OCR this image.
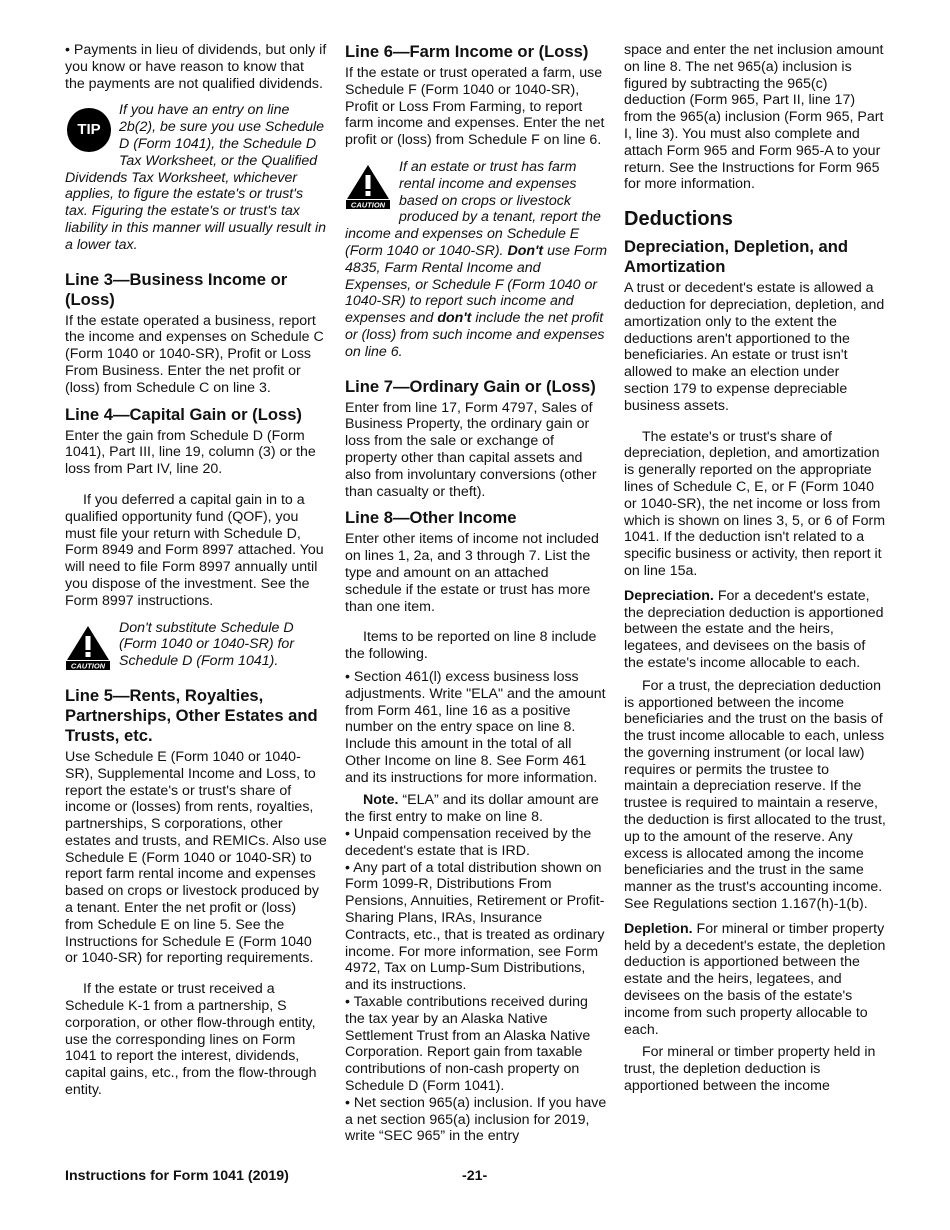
• Payments in lieu of dividends, but only if you know or have reason to know that the payments are not qualified dividends.

TIP
If you have an entry on line 2b(2), be sure you use Schedule D (Form 1041), the Schedule D Tax Worksheet, or the Qualified Dividends Tax Worksheet, whichever applies, to figure the estate's or trust's tax. Figuring the estate's or trust's tax liability in this manner will usually result in a lower tax.
Line 3—Business Income or (Loss)

If the estate operated a business, report the income and expenses on Schedule C (Form 1040 or 1040-SR), Profit or Loss From Business. Enter the net profit or (loss) from Schedule C on line 3.

Line 4—Capital Gain or (Loss)

Enter the gain from Schedule D (Form 1041), Part III, line 19, column (3) or the loss from Part IV, line 20.

If you deferred a capital gain in to a qualified opportunity fund (QOF), you must file your return with Schedule D, Form 8949 and Form 8997 attached. You will need to file Form 8997 annually until you dispose of the investment. See the Form 8997 instructions.

CAUTION
Don't substitute Schedule D (Form 1040 or 1040-SR) for Schedule D (Form 1041).
Line 5—Rents, Royalties, Partnerships, Other Estates and Trusts, etc.

Use Schedule E (Form 1040 or 1040-SR), Supplemental Income and Loss, to report the estate's or trust's share of income or (losses) from rents, royalties, partnerships, S corporations, other estates and trusts, and REMICs. Also use Schedule E (Form 1040 or 1040-SR) to report farm rental income and expenses based on crops or livestock produced by a tenant. Enter the net profit or (loss) from Schedule E on line 5. See the Instructions for Schedule E (Form 1040 or 1040-SR) for reporting requirements.

If the estate or trust received a Schedule K-1 from a partnership, S corporation, or other flow-through entity, use the corresponding lines on Form 1041 to report the interest, dividends, capital gains, etc., from the flow-through entity.

Line 6—Farm Income or (Loss)

If the estate or trust operated a farm, use Schedule F (Form 1040 or 1040-SR), Profit or Loss From Farming, to report farm income and expenses. Enter the net profit or (loss) from Schedule F on line 6.

CAUTION
If an estate or trust has farm rental income and expenses based on crops or livestock produced by a tenant, report the income and expenses on Schedule E (Form 1040 or 1040-SR). Don't use Form 4835, Farm Rental Income and Expenses, or Schedule F (Form 1040 or 1040-SR) to report such income and expenses and don't include the net profit or (loss) from such income and expenses on line 6.
Line 7—Ordinary Gain or (Loss)

Enter from line 17, Form 4797, Sales of Business Property, the ordinary gain or loss from the sale or exchange of property other than capital assets and also from involuntary conversions (other than casualty or theft).

Line 8—Other Income

Enter other items of income not included on lines 1, 2a, and 3 through 7. List the type and amount on an attached schedule if the estate or trust has more than one item.

Items to be reported on line 8 include the following.

• Section 461(l) excess business loss adjustments. Write "ELA" and the amount from Form 461, line 16 as a positive number on the entry space on line 8. Include this amount in the total of all Other Income on line 8. See Form 461 and its instructions for more information.

Note. “ELA” and its dollar amount are the first entry to make on line 8.

• Unpaid compensation received by the decedent's estate that is IRD.

• Any part of a total distribution shown on Form 1099-R, Distributions From Pensions, Annuities, Retirement or Profit-Sharing Plans, IRAs, Insurance Contracts, etc., that is treated as ordinary income. For more information, see Form 4972, Tax on Lump-Sum Distributions, and its instructions.

• Taxable contributions received during the tax year by an Alaska Native Settlement Trust from an Alaska Native Corporation. Report gain from taxable contributions of non-cash property on Schedule D (Form 1041).

• Net section 965(a) inclusion. If you have a net section 965(a) inclusion for 2019, write “SEC 965” in the entry

space and enter the net inclusion amount on line 8. The net 965(a) inclusion is figured by subtracting the 965(c) deduction (Form 965, Part II, line 17) from the 965(a) inclusion (Form 965, Part I, line 3). You must also complete and attach Form 965 and Form 965-A to your return. See the Instructions for Form 965 for more information.

Deductions
Depreciation, Depletion, and Amortization

A trust or decedent's estate is allowed a deduction for depreciation, depletion, and amortization only to the extent the deductions aren't apportioned to the beneficiaries. An estate or trust isn't allowed to make an election under section 179 to expense depreciable business assets.

The estate's or trust's share of depreciation, depletion, and amortization is generally reported on the appropriate lines of Schedule C, E, or F (Form 1040 or 1040-SR), the net income or loss from which is shown on lines 3, 5, or 6 of Form 1041. If the deduction isn't related to a specific business or activity, then report it on line 15a.

Depreciation. For a decedent's estate, the depreciation deduction is apportioned between the estate and the heirs, legatees, and devisees on the basis of the estate's income allocable to each.

For a trust, the depreciation deduction is apportioned between the income beneficiaries and the trust on the basis of the trust income allocable to each, unless the governing instrument (or local law) requires or permits the trustee to maintain a depreciation reserve. If the trustee is required to maintain a reserve, the deduction is first allocated to the trust, up to the amount of the reserve. Any excess is allocated among the income beneficiaries and the trust in the same manner as the trust's accounting income. See Regulations section 1.167(h)-1(b).

Depletion. For mineral or timber property held by a decedent's estate, the depletion deduction is apportioned between the estate and the heirs, legatees, and devisees on the basis of the estate's income from such property allocable to each.

For mineral or timber property held in trust, the depletion deduction is apportioned between the income

Instructions for Form 1041 (2019)	-21-
